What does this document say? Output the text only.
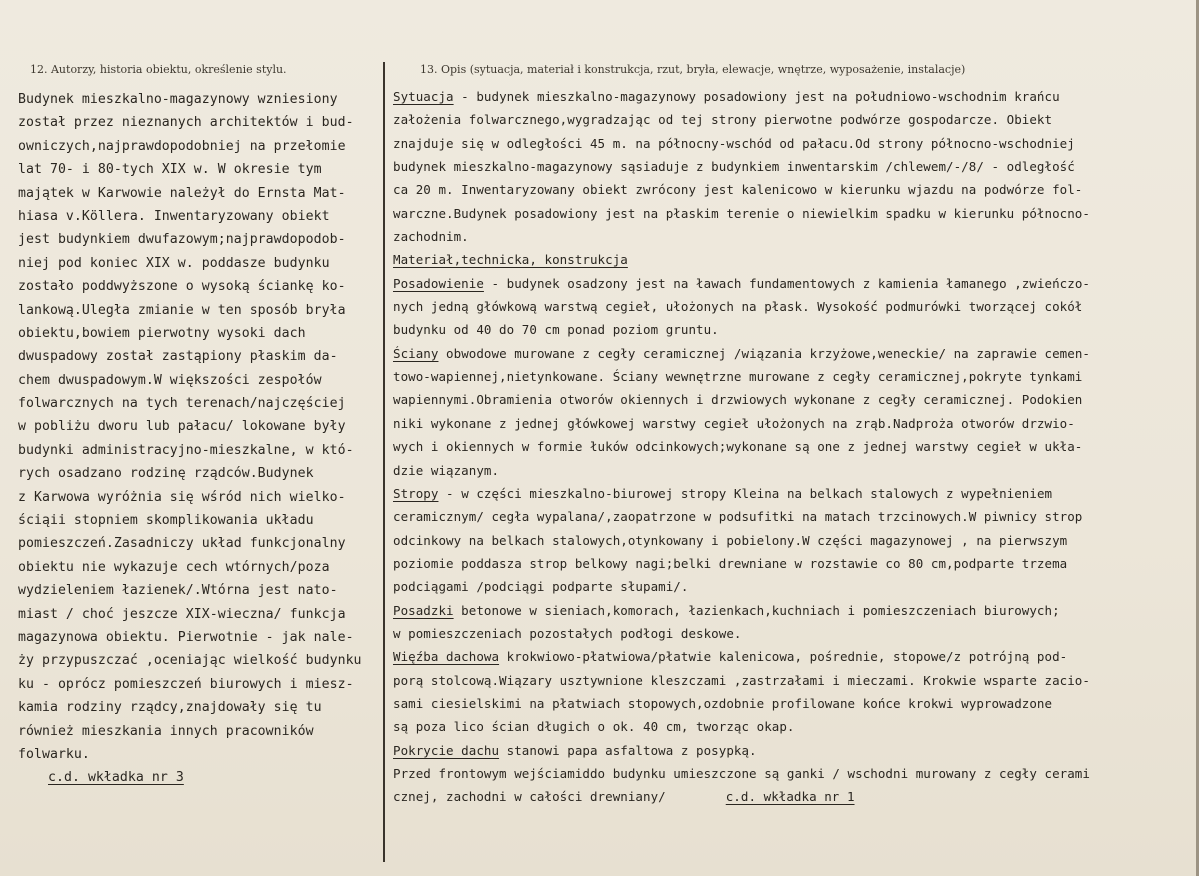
12. Autorzy, historia obiektu, określenie stylu.	13. Opis (sytuacja, materiał i konstrukcja, rzut, bryła, elewacje, wnętrze, wyposażenie, instalacje)
Budynek mieszkalno-magazynowy wzniesiony
został przez nieznanych architektów i bud-
owniczych,najprawdopodobniej na przełomie
lat 70- i 80-tych XIX w. W okresie tym
majątek w Karwowie należył do Ernsta Mat-
hiasa v.Köllera. Inwentaryzowany obiekt
jest budynkiem dwufazowym;najprawdopodob-
niej pod koniec XIX w. poddasze budynku
zostało poddwyższone o wysoką ściankę ko-
lankową.Uległa zmianie w ten sposób bryła
obiektu,bowiem pierwotny wysoki dach
dwuspadowy został zastąpiony płaskim da-
chem dwuspadowym.W większości zespołów
folwarcznych na tych terenach/najczęściej
w pobliżu dworu lub pałacu/ lokowane były
budynki administracyjno-mieszkalne, w któ-
rych osadzano rodzinę rządców.Budynek
z Karwowa wyróżnia się wśród nich wielko-
ściąii stopniem skomplikowania układu
pomieszczeń.Zasadniczy układ funkcjonalny
obiektu nie wykazuje cech wtórnych/poza
wydzieleniem łazienek/.Wtórna jest nato-
miast / choć jeszcze XIX-wieczna/ funkcja
magazynowa obiektu. Pierwotnie - jak nale-
ży przypuszczać ,oceniając wielkość budynku
ku - oprócz pomieszczeń biurowych i miesz-
kamia rodziny rządcy,znajdowały się tu
również mieszkania innych pracowników
folwarku.
c.d. wkładka nr 3
Sytuacja - budynek mieszkalno-magazynowy posadowiony jest na południowo-wschodnim krańcu
założenia folwarcznego,wygradzając od tej strony pierwotne podwórze gospodarcze. Obiekt
znajduje się w odległości 45 m. na północny-wschód od pałacu.Od strony północno-wschodniej
budynek mieszkalno-magazynowy sąsiaduje z budynkiem inwentarskim /chlewem/-/8/ - odległość
ca 20 m. Inwentaryzowany obiekt zwrócony jest kalenicowo w kierunku wjazdu na podwórze fol-
warczne.Budynek posadowiony jest na płaskim terenie o niewielkim spadku w kierunku północno-
zachodnim.
Materiał,technicka, konstrukcja
Posadowienie - budynek osadzony jest na ławach fundamentowych z kamienia łamanego ,zwieńczo-
nych jedną główkową warstwą cegieł, ułożonych na płask. Wysokość podmurówki tworzącej cokół
budynku od 40 do 70 cm ponad poziom gruntu.
Ściany obwodowe murowane z cegły ceramicznej /wiązania krzyżowe,weneckie/ na zaprawie cemen-
towo-wapiennej,nietynkowane. Ściany wewnętrzne murowane z cegły ceramicznej,pokryte tynkami
wapiennymi.Obramienia otworów okiennych i drzwiowych wykonane z cegły ceramicznej. Podokien
niki wykonane z jednej główkowej warstwy cegieł ułożonych na zrąb.Nadproża otworów drzwio-
wych i okiennych w formie łuków odcinkowych;wykonane są one z jednej warstwy cegieł w ukła-
dzie wiązanym.
Stropy - w części mieszkalno-biurowej stropy Kleina na belkach stalowych z wypełnieniem
ceramicznym/ cegła wypalana/,zaopatrzone w podsufitki na matach trzcinowych.W piwnicy strop
odcinkowy na belkach stalowych,otynkowany i pobielony.W części magazynowej , na pierwszym
poziomie poddasza strop belkowy nagi;belki drewniane w rozstawie co 80 cm,podparte trzema
podciągami /podciągi podparte słupami/.
Posadzki betonowe w sieniach,komorach, łazienkach,kuchniach i pomieszczeniach biurowych;
w pomieszczeniach pozostałych podłogi deskowe.
Więźba dachowa krokwiowo-płatwiowa/płatwie kalenicowa, pośrednie, stopowe/z potrójną pod-
porą stolcową.Wiązary usztywnione kleszczami ,zastrzałami i mieczami. Krokwie wsparte zacio-
sami ciesielskimi na płatwiach stopowych,ozdobnie profilowane końce krokwi wyprowadzone
są poza lico ścian długich o ok. 40 cm, tworząc okap.
Pokrycie dachu stanowi papa asfaltowa z posypką.
Przed frontowym wejściamiddo budynku umieszczone są ganki / wschodni murowany z cegły cerami
cznej, zachodni w całości drewniany/	c.d. wkładka nr 1
